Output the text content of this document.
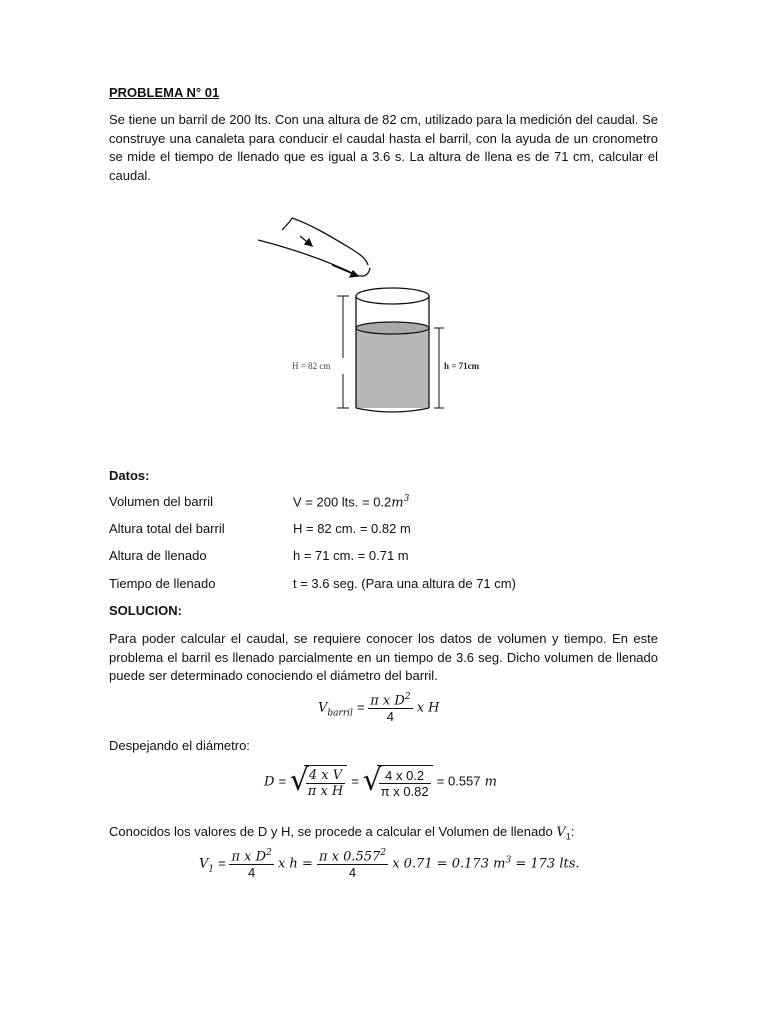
PROBLEMA N° 01
Se tiene un barril de 200 lts. Con una altura de 82 cm, utilizado para la medición del caudal. Se construye una canaleta para conducir el caudal hasta el barril, con la ayuda de un cronometro se mide el tiempo de llenado que es igual a 3.6 s. La altura de llena es de 71 cm, calcular el caudal.
H = 82 cm	h = 71cm
Datos:
Volumen del barril	V = 200 lts. = $0.2m^3$
Altura total del barril	H = 82 cm. = 0.82 m
Altura de llenado	h = 71 cm. = 0.71 m
Tiempo de llenado	t = 3.6 seg. (Para una altura de 71 cm)
SOLUCION:
Para poder calcular el caudal, se requiere conocer los datos de volumen y tiempo. En este problema el barril es llenado parcialmente en un tiempo de 3.6 seg. Dicho volumen de llenado puede ser determinado conociendo el diámetro del barril.
$V_{barril} = \frac{\pi x D^2}{4}$ x H
Despejando el diámetro:
D = √
$\frac{\text{4 x V}}{\text{π x H}}$ = √
$\frac{4 x 0.2}{\text{π x 0.82}} = 0.557$ m
Conocidos los valores de D y H, se procede a calcular el Volumen de llenado $V_1$:
$V_1 = \frac{\pi x D^2}{4}$ x $h = \frac{\pi x 0.557^2}{4}$ x 0.71 = 0.173 $m^3 = 173$ lts.
